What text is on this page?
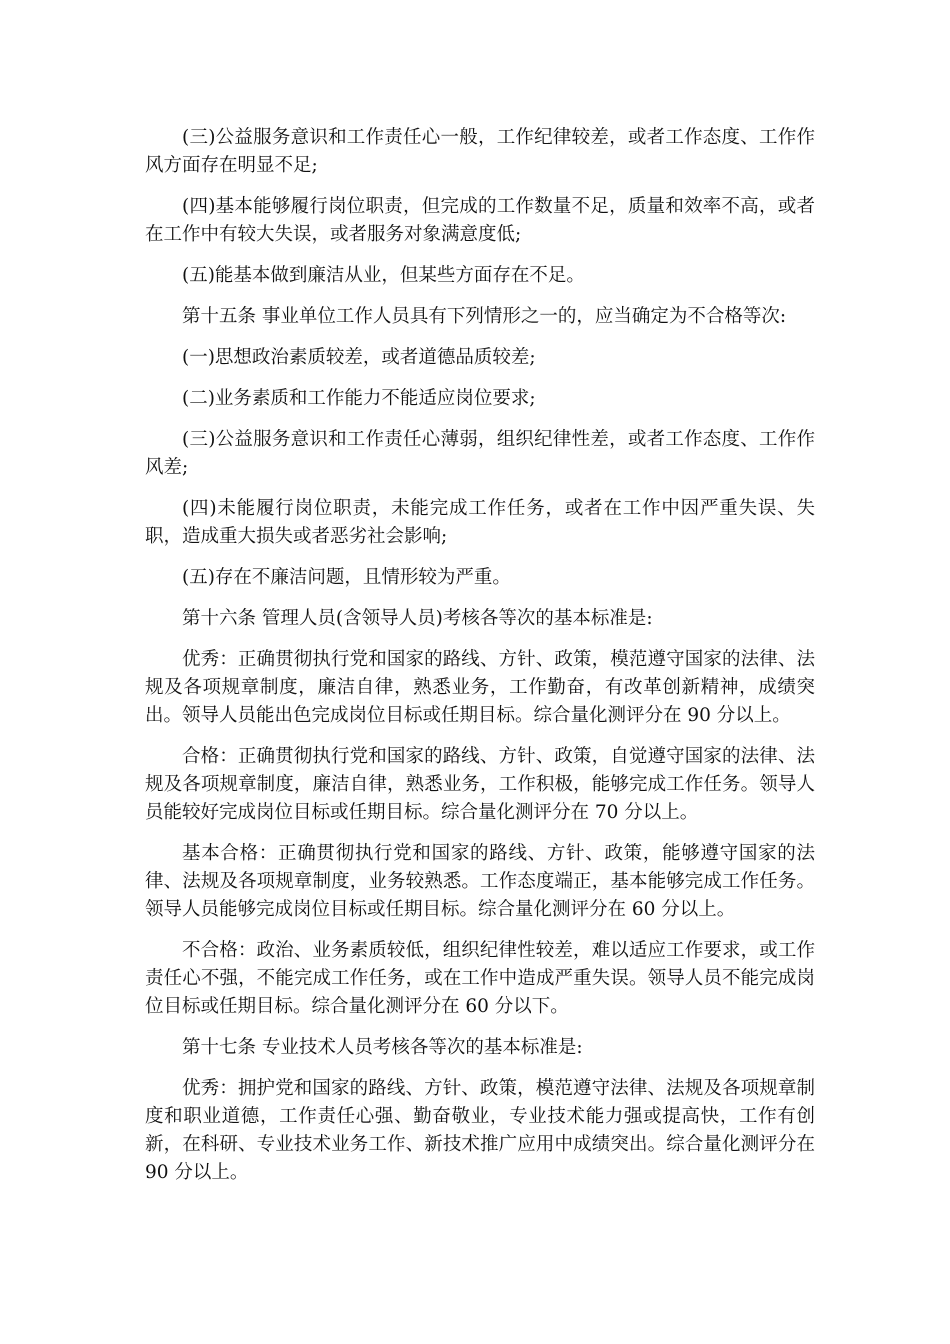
(三)公益服务意识和工作责任心一般，工作纪律较差，或者工作态度、工作作风方面存在明显不足;

(四)基本能够履行岗位职责，但完成的工作数量不足，质量和效率不高，或者在工作中有较大失误，或者服务对象满意度低;

(五)能基本做到廉洁从业，但某些方面存在不足。

第十五条 事业单位工作人员具有下列情形之一的，应当确定为不合格等次:

(一)思想政治素质较差，或者道德品质较差;

(二)业务素质和工作能力不能适应岗位要求;

(三)公益服务意识和工作责任心薄弱，组织纪律性差，或者工作态度、工作作风差;

(四)未能履行岗位职责，未能完成工作任务，或者在工作中因严重失误、失职，造成重大损失或者恶劣社会影响;

(五)存在不廉洁问题，且情形较为严重。

第十六条 管理人员(含领导人员)考核各等次的基本标准是:

优秀：正确贯彻执行党和国家的路线、方针、政策，模范遵守国家的法律、法规及各项规章制度，廉洁自律，熟悉业务，工作勤奋，有改革创新精神，成绩突出。领导人员能出色完成岗位目标或任期目标。综合量化测评分在 90 分以上。

合格：正确贯彻执行党和国家的路线、方针、政策，自觉遵守国家的法律、法规及各项规章制度，廉洁自律，熟悉业务，工作积极，能够完成工作任务。领导人员能较好完成岗位目标或任期目标。综合量化测评分在 70 分以上。

基本合格：正确贯彻执行党和国家的路线、方针、政策，能够遵守国家的法律、法规及各项规章制度，业务较熟悉。工作态度端正，基本能够完成工作任务。领导人员能够完成岗位目标或任期目标。综合量化测评分在 60 分以上。

不合格：政治、业务素质较低，组织纪律性较差，难以适应工作要求，或工作责任心不强，不能完成工作任务，或在工作中造成严重失误。领导人员不能完成岗位目标或任期目标。综合量化测评分在 60 分以下。

第十七条 专业技术人员考核各等次的基本标准是:

优秀：拥护党和国家的路线、方针、政策，模范遵守法律、法规及各项规章制度和职业道德，工作责任心强、勤奋敬业，专业技术能力强或提高快，工作有创新，在科研、专业技术业务工作、新技术推广应用中成绩突出。综合量化测评分在 90 分以上。
